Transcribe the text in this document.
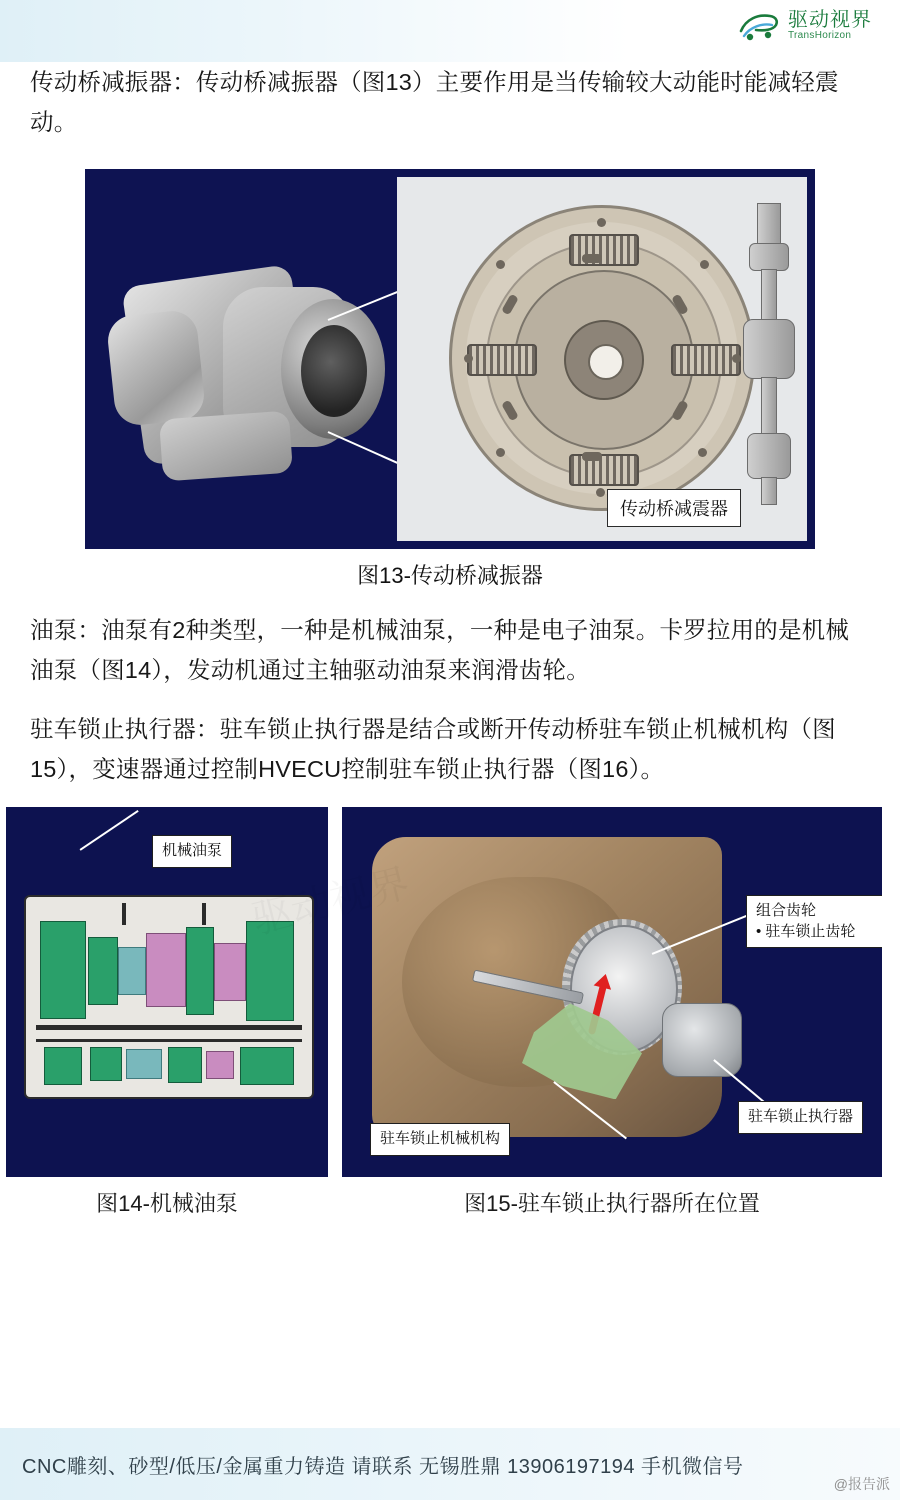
驱动视界
TransHorizon

传动桥减振器：传动桥减振器（图13）主要作用是当传输较大动能时能减轻震动。

传动桥减震器
图13-传动桥减振器

油泵：油泵有2种类型，一种是机械油泵，一种是电子油泵。卡罗拉用的是机械油泵（图14），发动机通过主轴驱动油泵来润滑齿轮。

驻车锁止执行器：驻车锁止执行器是结合或断开传动桥驻车锁止机械机构（图15），变速器通过控制HVECU控制驻车锁止执行器（图16）。

机械油泵
组合齿轮
• 驻车锁止齿轮
驻车锁止执行器
驻车锁止机械机构
图14-机械油泵	图15-驻车锁止执行器所在位置
CNC雕刻、砂型/低压/金属重力铸造 请联系 无锡胜鼎 13906197194 手机微信号
@报告派
